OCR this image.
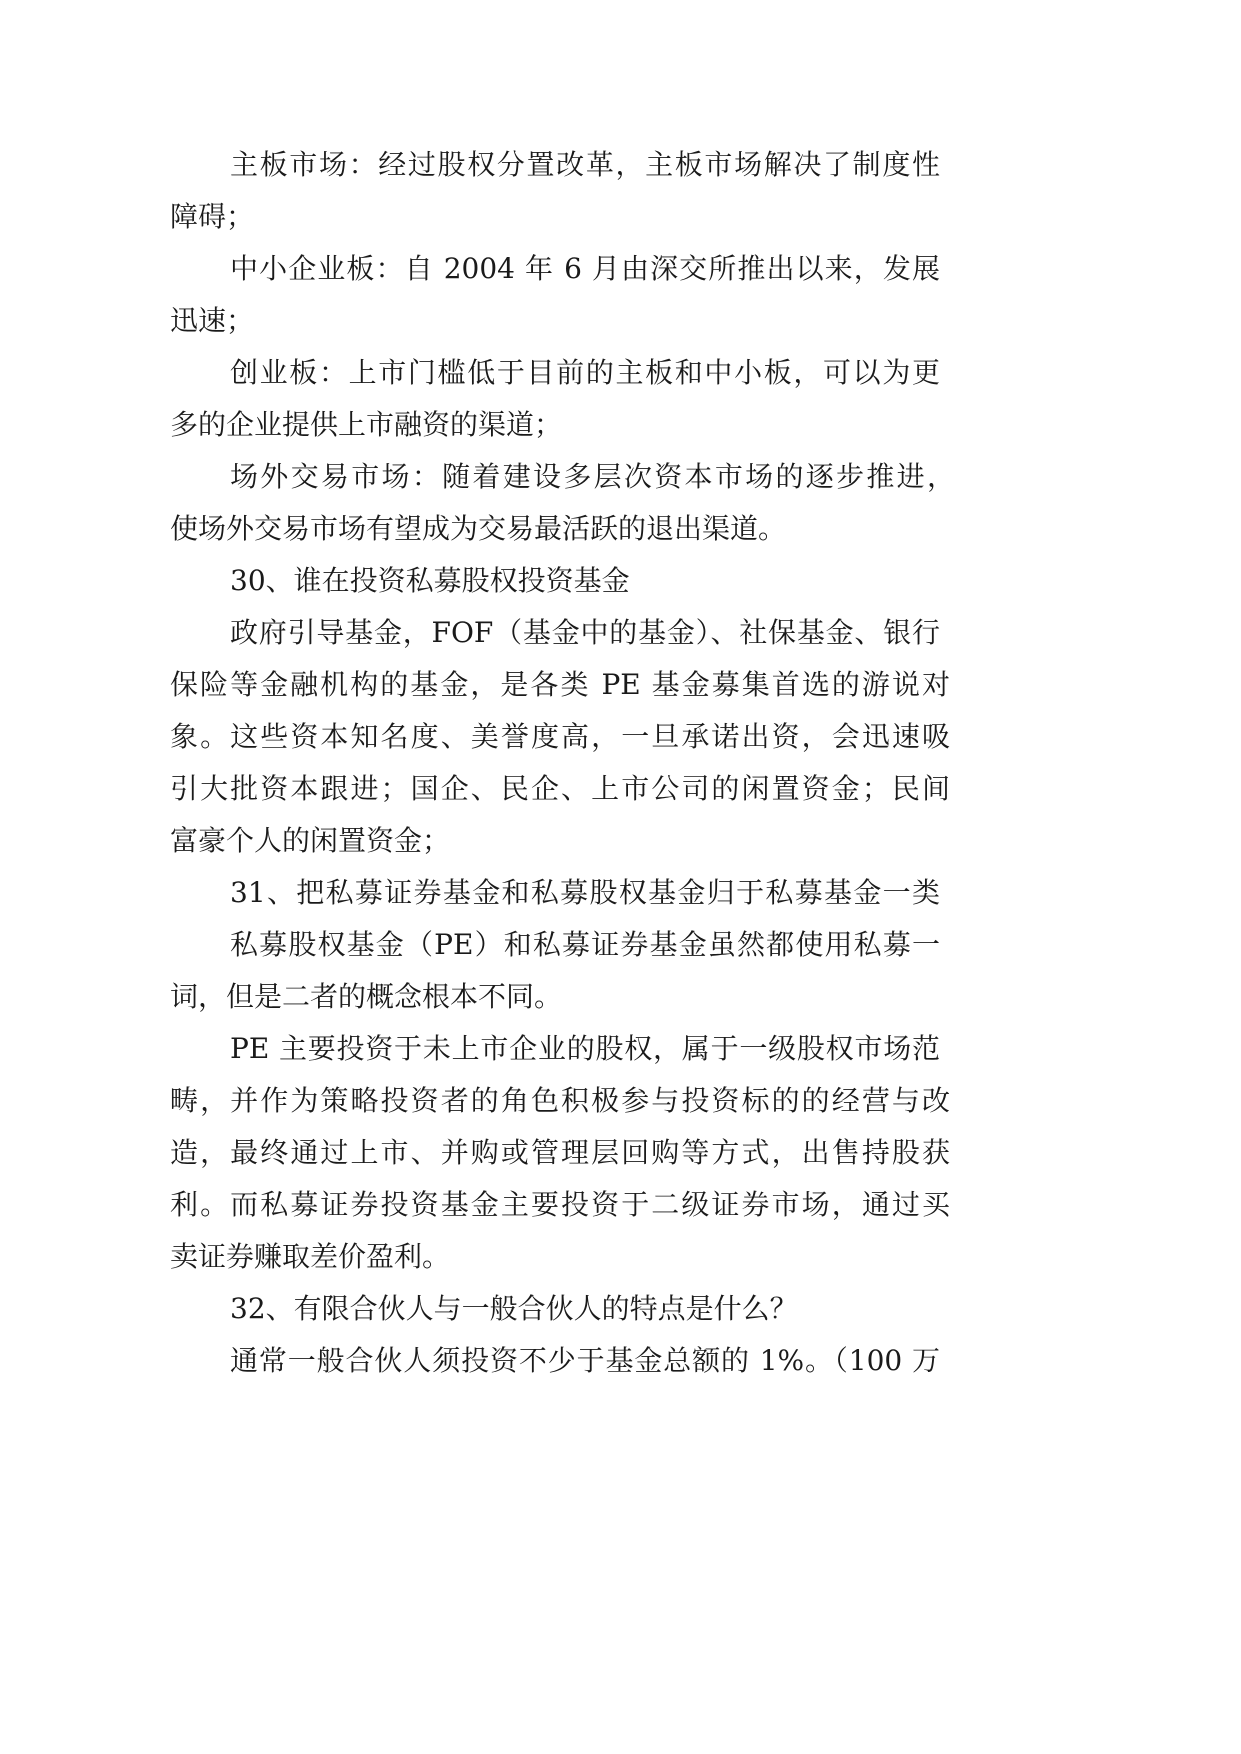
主板市场：经过股权分置改革，主板市场解决了制度性
障碍；
中小企业板：自 2004 年 6 月由深交所推出以来，发展
迅速；
创业板：上市门槛低于目前的主板和中小板，可以为更
多的企业提供上市融资的渠道；
场外交易市场：随着建设多层次资本市场的逐步推进，
使场外交易市场有望成为交易最活跃的退出渠道。
30、谁在投资私募股权投资基金
政府引导基金，FOF（基金中的基金）、社保基金、银行
保险等金融机构的基金，是各类 PE 基金募集首选的游说对
象。这些资本知名度、美誉度高，一旦承诺出资，会迅速吸
引大批资本跟进；国企、民企、上市公司的闲置资金；民间
富豪个人的闲置资金；
31、把私募证券基金和私募股权基金归于私募基金一类
私募股权基金（PE）和私募证券基金虽然都使用私募一
词，但是二者的概念根本不同。
PE 主要投资于未上市企业的股权，属于一级股权市场范
畴，并作为策略投资者的角色积极参与投资标的的经营与改
造，最终通过上市、并购或管理层回购等方式，出售持股获
利。而私募证券投资基金主要投资于二级证券市场，通过买
卖证券赚取差价盈利。
32、有限合伙人与一般合伙人的特点是什么？
通常一般合伙人须投资不少于基金总额的 1%。（100 万
